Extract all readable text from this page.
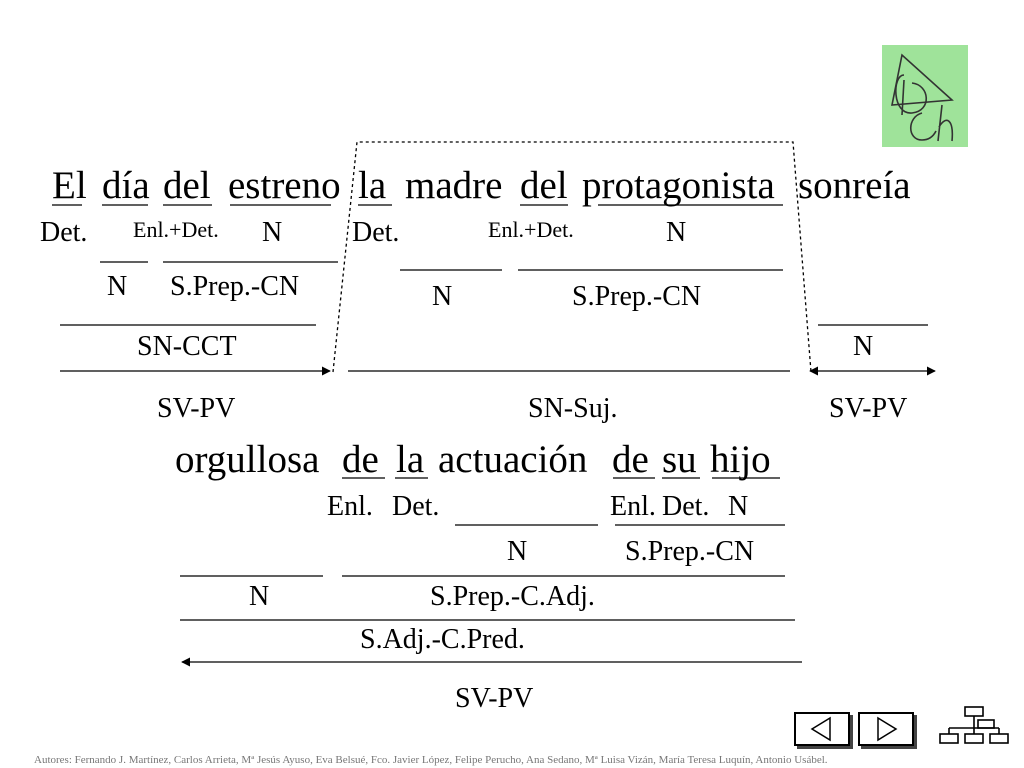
El día del estreno la madre del protagonista sonreía
Det. Enl.+Det. N Det.	Enl.+Det.	N
N S.Prep.-CN	N	S.Prep.-CN
SN-CCT	N
SV-PV	SN-Suj.	SV-PV
orgullosa de la actuación de su hijo
Enl. Det.	Enl. Det. N
N	S.Prep.-CN
N	S.Prep.-C.Adj.
S.Adj.-C.Pred.
SV-PV
Autores: Fernando J. Martínez, Carlos Arrieta, Mª Jesús Ayuso, Eva Belsué, Fco. Javier López, Felipe Perucho, Ana Sedano, Mª Luisa Vizán, María Teresa Luquín, Antonio Usábel.
